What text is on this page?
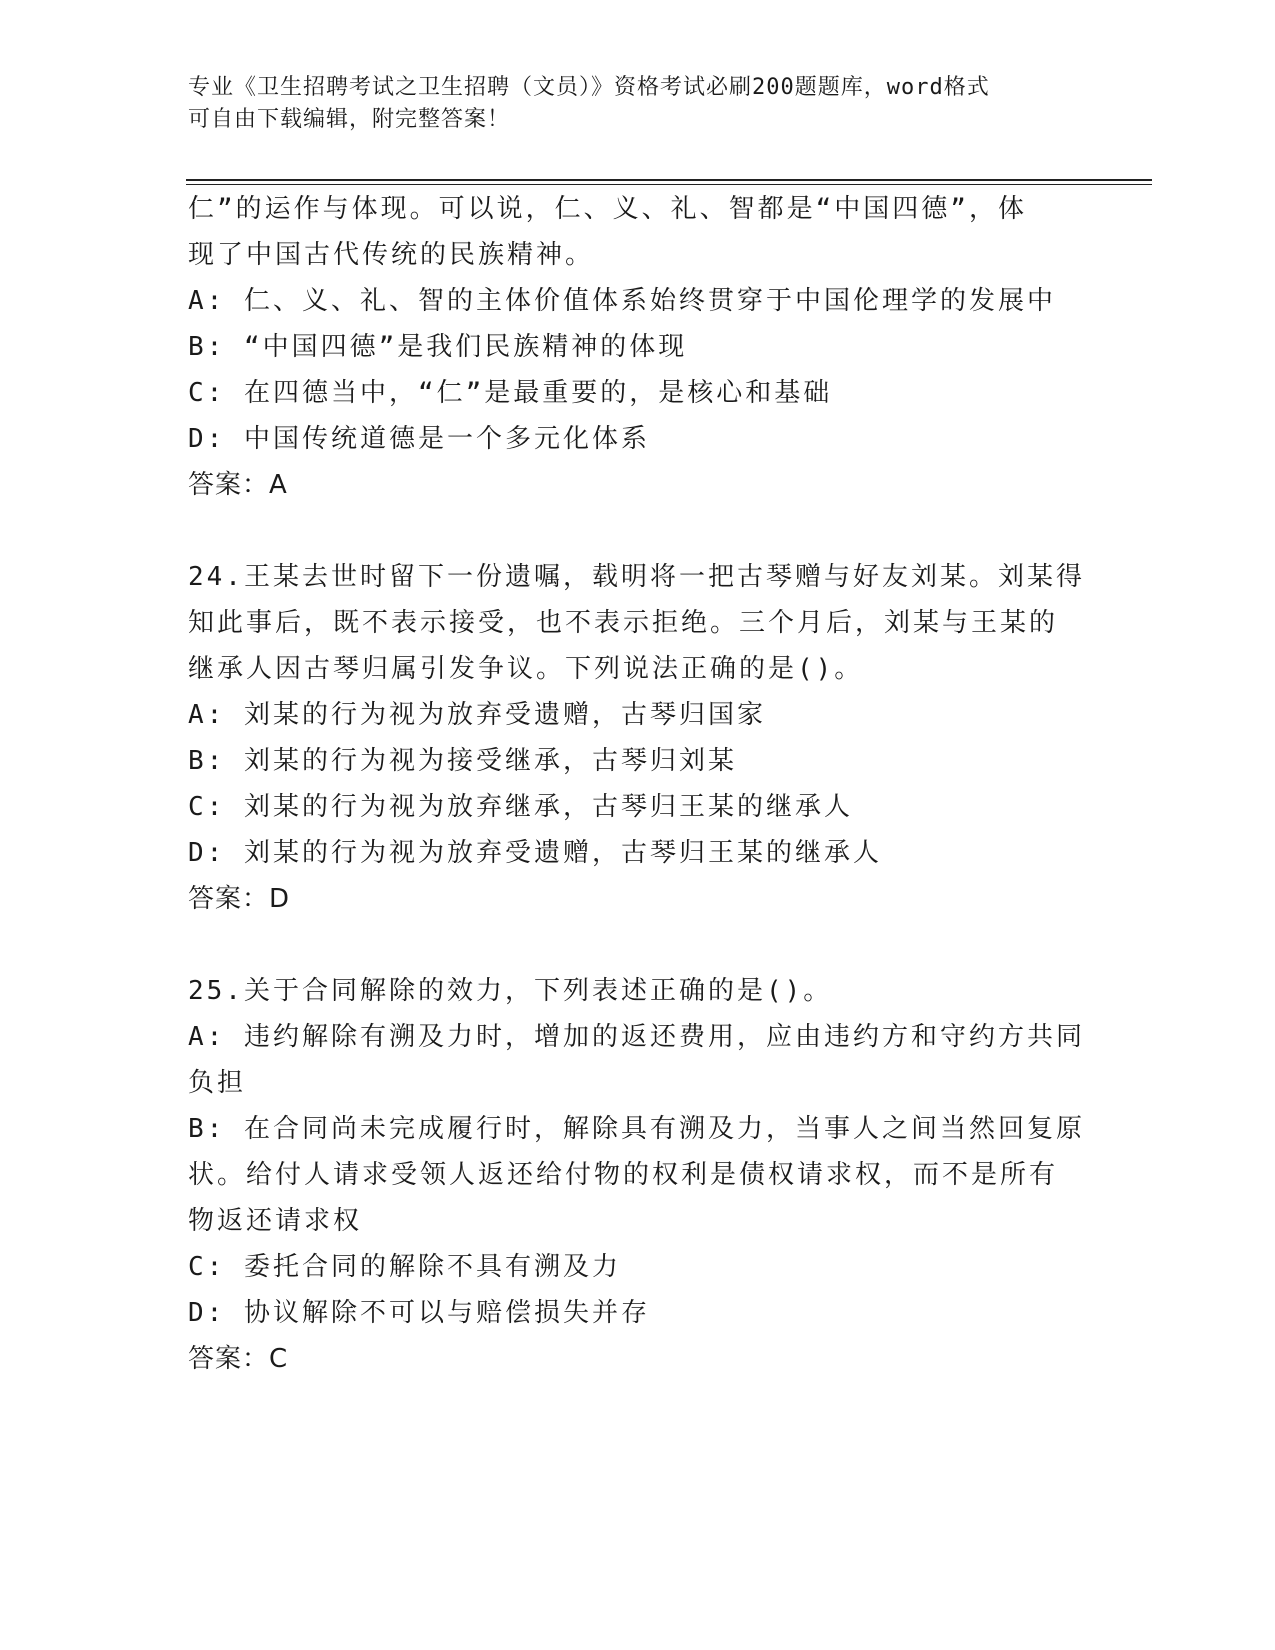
专业《卫生招聘考试之卫生招聘（文员）》资格考试必刷200题题库，word格式
可自由下载编辑，附完整答案！
仁”的运作与体现。可以说，仁、义、礼、智都是“中国四德”，体
现了中国古代传统的民族精神。
A: 仁、义、礼、智的主体价值体系始终贯穿于中国伦理学的发展中
B: “中国四德”是我们民族精神的体现
C: 在四德当中，“仁”是最重要的，是核心和基础
D: 中国传统道德是一个多元化体系
答案：A
24.王某去世时留下一份遗嘱，载明将一把古琴赠与好友刘某。刘某得
知此事后，既不表示接受，也不表示拒绝。三个月后，刘某与王某的
继承人因古琴归属引发争议。下列说法正确的是()。
A: 刘某的行为视为放弃受遗赠，古琴归国家
B: 刘某的行为视为接受继承，古琴归刘某
C: 刘某的行为视为放弃继承，古琴归王某的继承人
D: 刘某的行为视为放弃受遗赠，古琴归王某的继承人
答案：D
25.关于合同解除的效力，下列表述正确的是()。
A: 违约解除有溯及力时，增加的返还费用，应由违约方和守约方共同
负担
B: 在合同尚未完成履行时，解除具有溯及力，当事人之间当然回复原
状。给付人请求受领人返还给付物的权利是债权请求权，而不是所有
物返还请求权
C: 委托合同的解除不具有溯及力
D: 协议解除不可以与赔偿损失并存
答案：C
